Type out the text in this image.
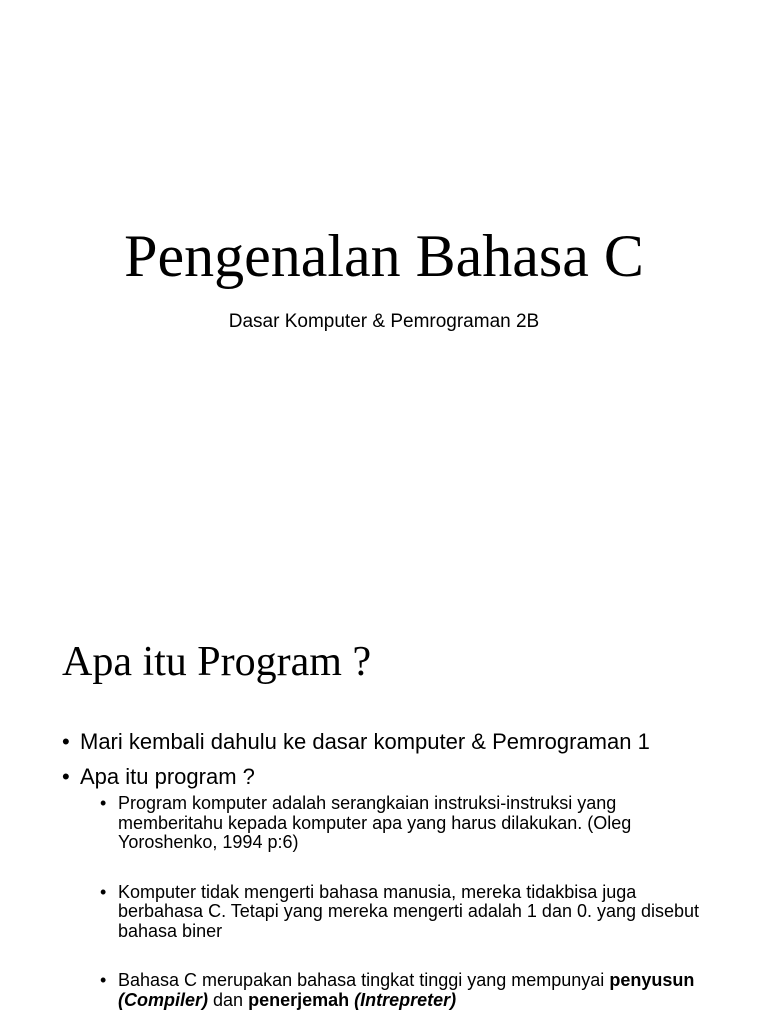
Pengenalan Bahasa C
Dasar Komputer & Pemrograman 2B
Apa itu Program ?
• Mari kembali dahulu ke dasar komputer & Pemrograman 1
• Apa itu program ?
• Program komputer adalah serangkaian instruksi-instruksi yang memberitahu kepada komputer apa yang harus dilakukan. (Oleg Yoroshenko, 1994 p:6)
• Komputer tidak mengerti bahasa manusia, mereka tidakbisa juga berbahasa C. Tetapi yang mereka mengerti adalah 1 dan 0. yang disebut bahasa biner
• Bahasa C merupakan bahasa tingkat tinggi yang mempunyai penyusun (Compiler) dan penerjemah (Intrepreter)
